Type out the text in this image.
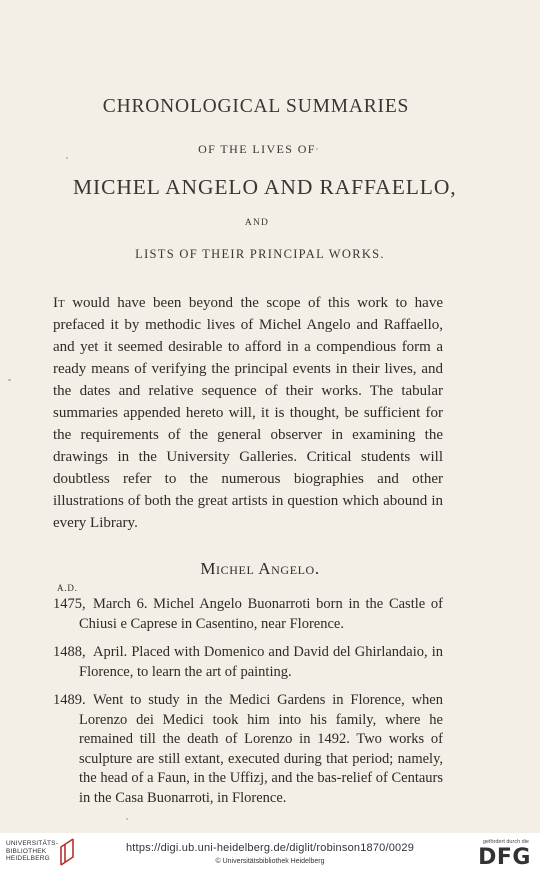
CHRONOLOGICAL SUMMARIES
OF THE LIVES OF
MICHEL ANGELO AND RAFFAELLO,
AND
LISTS OF THEIR PRINCIPAL WORKS.

It would have been beyond the scope of this work to have prefaced it by methodic lives of Michel Angelo and Raffaello, and yet it seemed desirable to afford in a compendious form a ready means of verifying the principal events in their lives, and the dates and relative sequence of their works. The tabular summaries appended hereto will, it is thought, be sufficient for the requirements of the general observer in examining the drawings in the University Galleries. Critical students will doubtless refer to the numerous biographies and other illustrations of both the great artists in question which abound in every Library.

Michel Angelo.
A.D.
1475, March 6. Michel Angelo Buonarroti born in the Castle of Chiusi e Caprese in Casentino, near Florence.
1488, April. Placed with Domenico and David del Ghirlandaio, in Florence, to learn the art of painting.
1489. Went to study in the Medici Gardens in Florence, when Lorenzo dei Medici took him into his family, where he remained till the death of Lorenzo in 1492. Two works of sculpture are still extant, executed during that period; namely, the head of a Faun, in the Uffizj, and the bas-relief of Centaurs in the Casa Buonarroti, in Florence.
UNIVERSITÄTS-
BIBLIOTHEK
HEIDELBERG
https://digi.ub.uni-heidelberg.de/diglit/robinson1870/0029
© Universitätsbibliothek Heidelberg
gefördert durch die
DFG
